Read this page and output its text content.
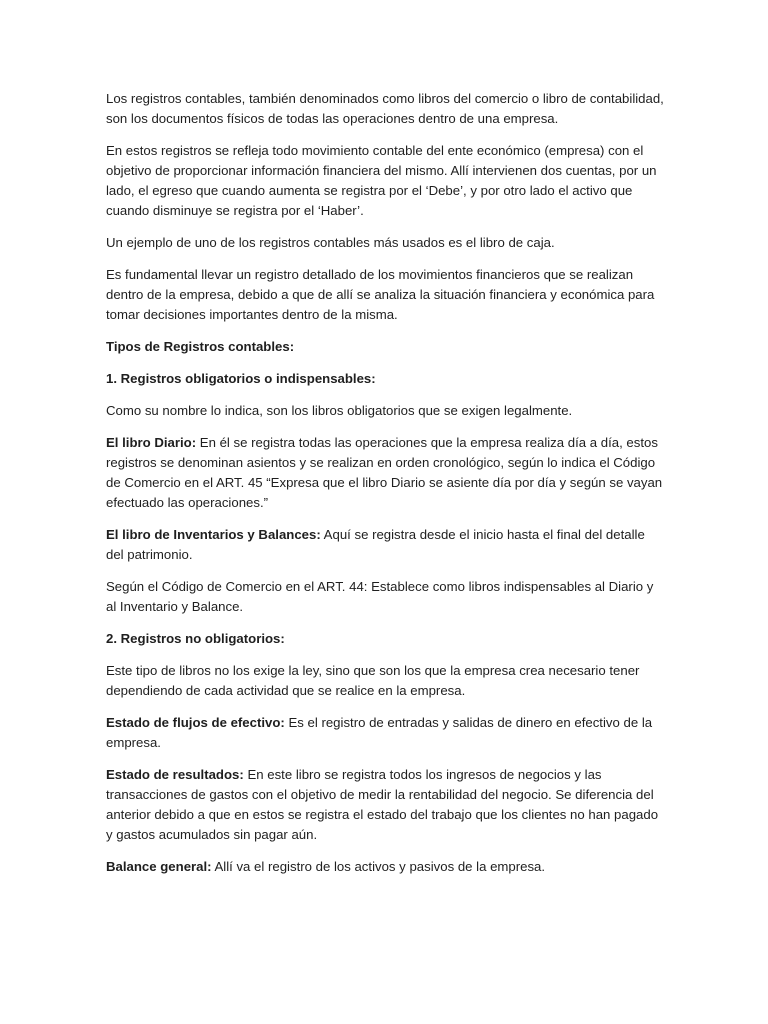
Los registros contables, también denominados como libros del comercio o libro de contabilidad, son los documentos físicos de todas las operaciones dentro de una empresa.

En estos registros se refleja todo movimiento contable del ente económico (empresa) con el objetivo de proporcionar información financiera del mismo. Allí intervienen dos cuentas, por un lado, el egreso que cuando aumenta se registra por el ‘Debe’, y por otro lado el activo que cuando disminuye se registra por el ‘Haber’.

Un ejemplo de uno de los registros contables más usados es el libro de caja.

Es fundamental llevar un registro detallado de los movimientos financieros que se realizan dentro de la empresa, debido a que de allí se analiza la situación financiera y económica para tomar decisiones importantes dentro de la misma.

Tipos de Registros contables:

1. Registros obligatorios o indispensables:

Como su nombre lo indica, son los libros obligatorios que se exigen legalmente.

El libro Diario: En él se registra todas las operaciones que la empresa realiza día a día, estos registros se denominan asientos y se realizan en orden cronológico, según lo indica el Código de Comercio en el ART. 45 “Expresa que el libro Diario se asiente día por día y según se vayan efectuado las operaciones.”

El libro de Inventarios y Balances: Aquí se registra desde el inicio hasta el final del detalle del patrimonio.

Según el Código de Comercio en el ART. 44: Establece como libros indispensables al Diario y al Inventario y Balance.

2. Registros no obligatorios:

Este tipo de libros no los exige la ley, sino que son los que la empresa crea necesario tener dependiendo de cada actividad que se realice en la empresa.

Estado de flujos de efectivo: Es el registro de entradas y salidas de dinero en efectivo de la empresa.

Estado de resultados: En este libro se registra todos los ingresos de negocios y las transacciones de gastos con el objetivo de medir la rentabilidad del negocio. Se diferencia del anterior debido a que en estos se registra el estado del trabajo que los clientes no han pagado y gastos acumulados sin pagar aún.

Balance general: Allí va el registro de los activos y pasivos de la empresa.
